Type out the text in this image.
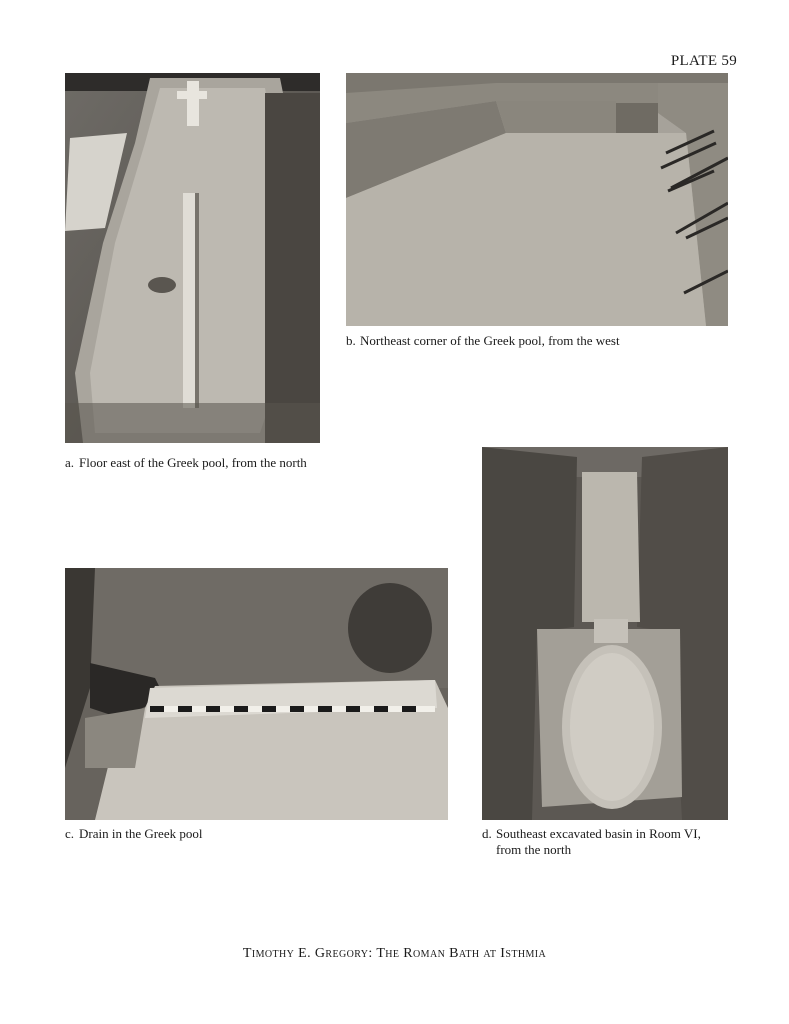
PLATE 59
a. Floor east of the Greek pool, from the north
b. Northeast corner of the Greek pool, from the west
c. Drain in the Greek pool	d. Southeast excavated basin in Room VI,
from the north
Timothy E. Gregory: The Roman Bath at Isthmia
